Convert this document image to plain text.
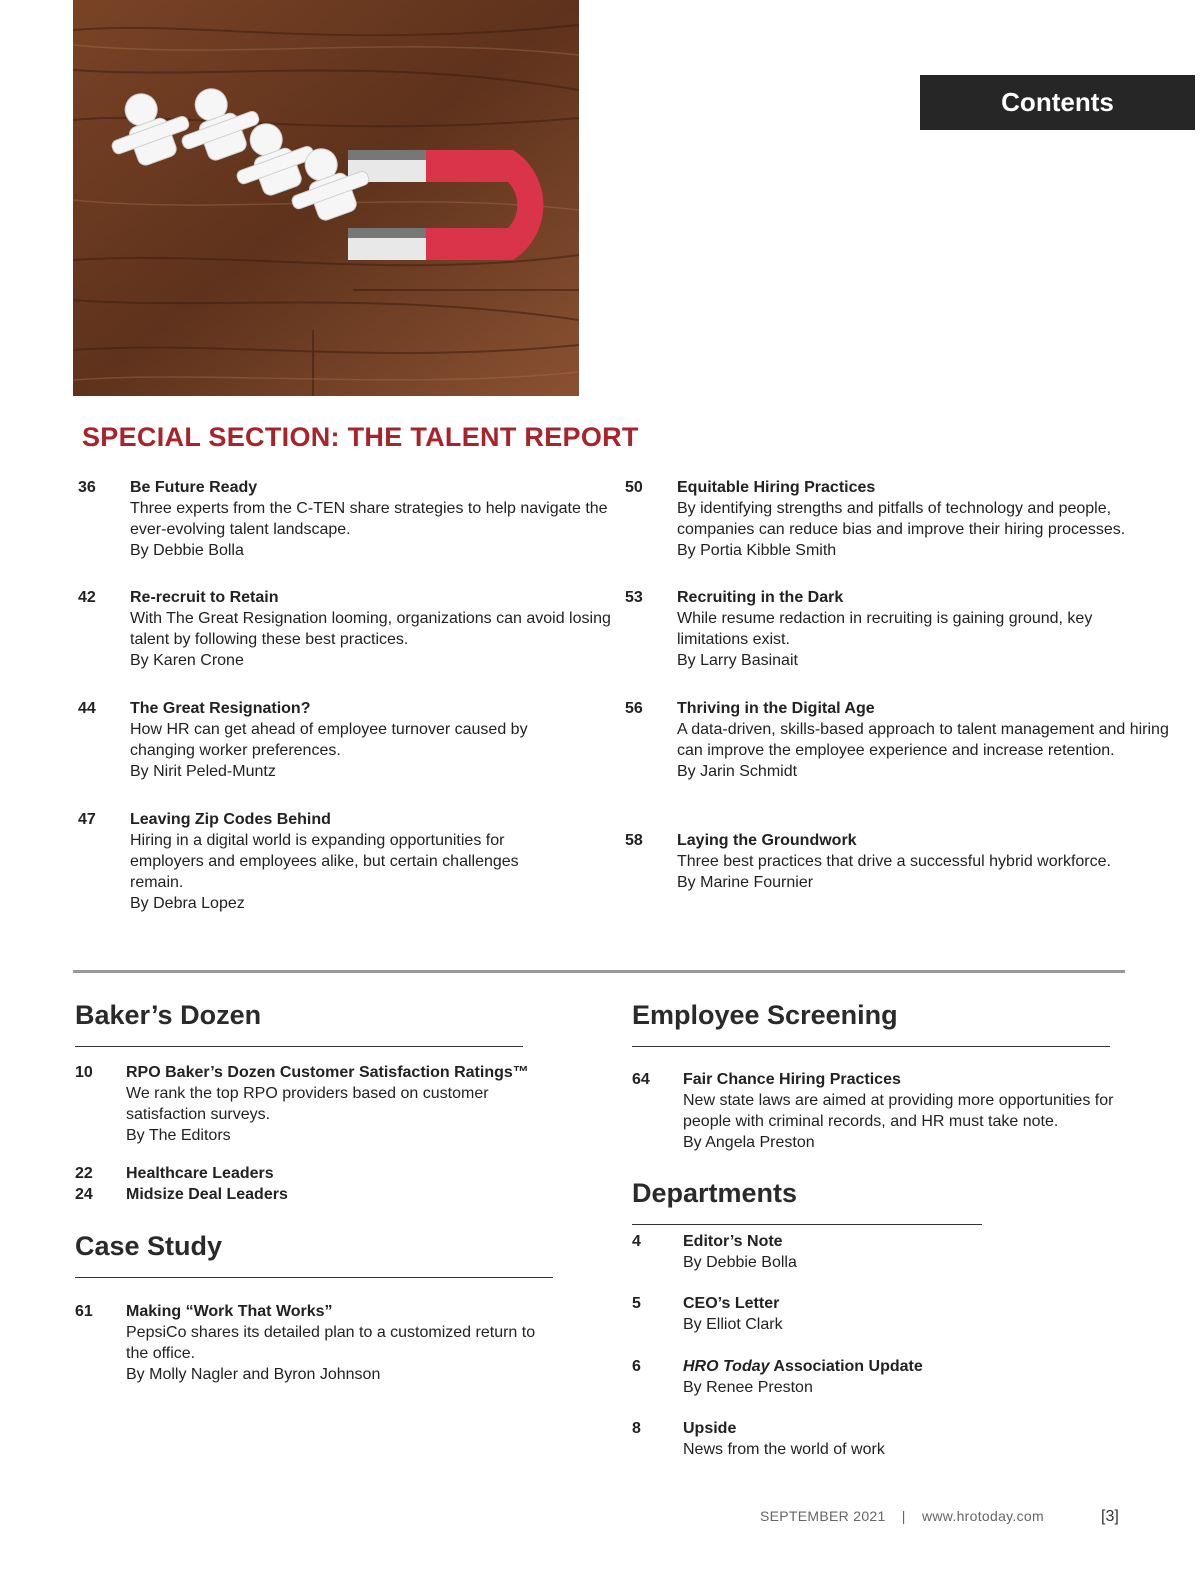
Contents
SPECIAL SECTION: THE TALENT REPORT
36 Be Future Ready
Three experts from the C-TEN share strategies to help navigate the ever-evolving talent landscape.
By Debbie Bolla
42 Re-recruit to Retain
With The Great Resignation looming, organizations can avoid losing talent by following these best practices.
By Karen Crone
44 The Great Resignation?
How HR can get ahead of employee turnover caused by changing worker preferences.
By Nirit Peled-Muntz
47 Leaving Zip Codes Behind
Hiring in a digital world is expanding opportunities for employers and employees alike, but certain challenges remain.
By Debra Lopez
50 Equitable Hiring Practices
By identifying strengths and pitfalls of technology and people, companies can reduce bias and improve their hiring processes.
By Portia Kibble Smith
53 Recruiting in the Dark
While resume redaction in recruiting is gaining ground, key limitations exist.
By Larry Basinait
56 Thriving in the Digital Age
A data-driven, skills-based approach to talent management and hiring can improve the employee experience and increase retention.
By Jarin Schmidt
58 Laying the Groundwork
Three best practices that drive a successful hybrid workforce.
By Marine Fournier
Baker’s Dozen
10 RPO Baker’s Dozen Customer Satisfaction Ratings™
We rank the top RPO providers based on customer satisfaction surveys.
By The Editors
22 Healthcare Leaders
24 Midsize Deal Leaders
Case Study
61 Making “Work That Works”
PepsiCo shares its detailed plan to a customized return to the office.
By Molly Nagler and Byron Johnson
Employee Screening
64 Fair Chance Hiring Practices
New state laws are aimed at providing more opportunities for people with criminal records, and HR must take note.
By Angela Preston
Departments
4	Editor’s Note
By Debbie Bolla
5	CEO’s Letter
By Elliot Clark
6	HRO Today Association Update
By Renee Preston
8	Upside
News from the world of work
SEPTEMBER 2021 | www.hrotoday.com	[3]
